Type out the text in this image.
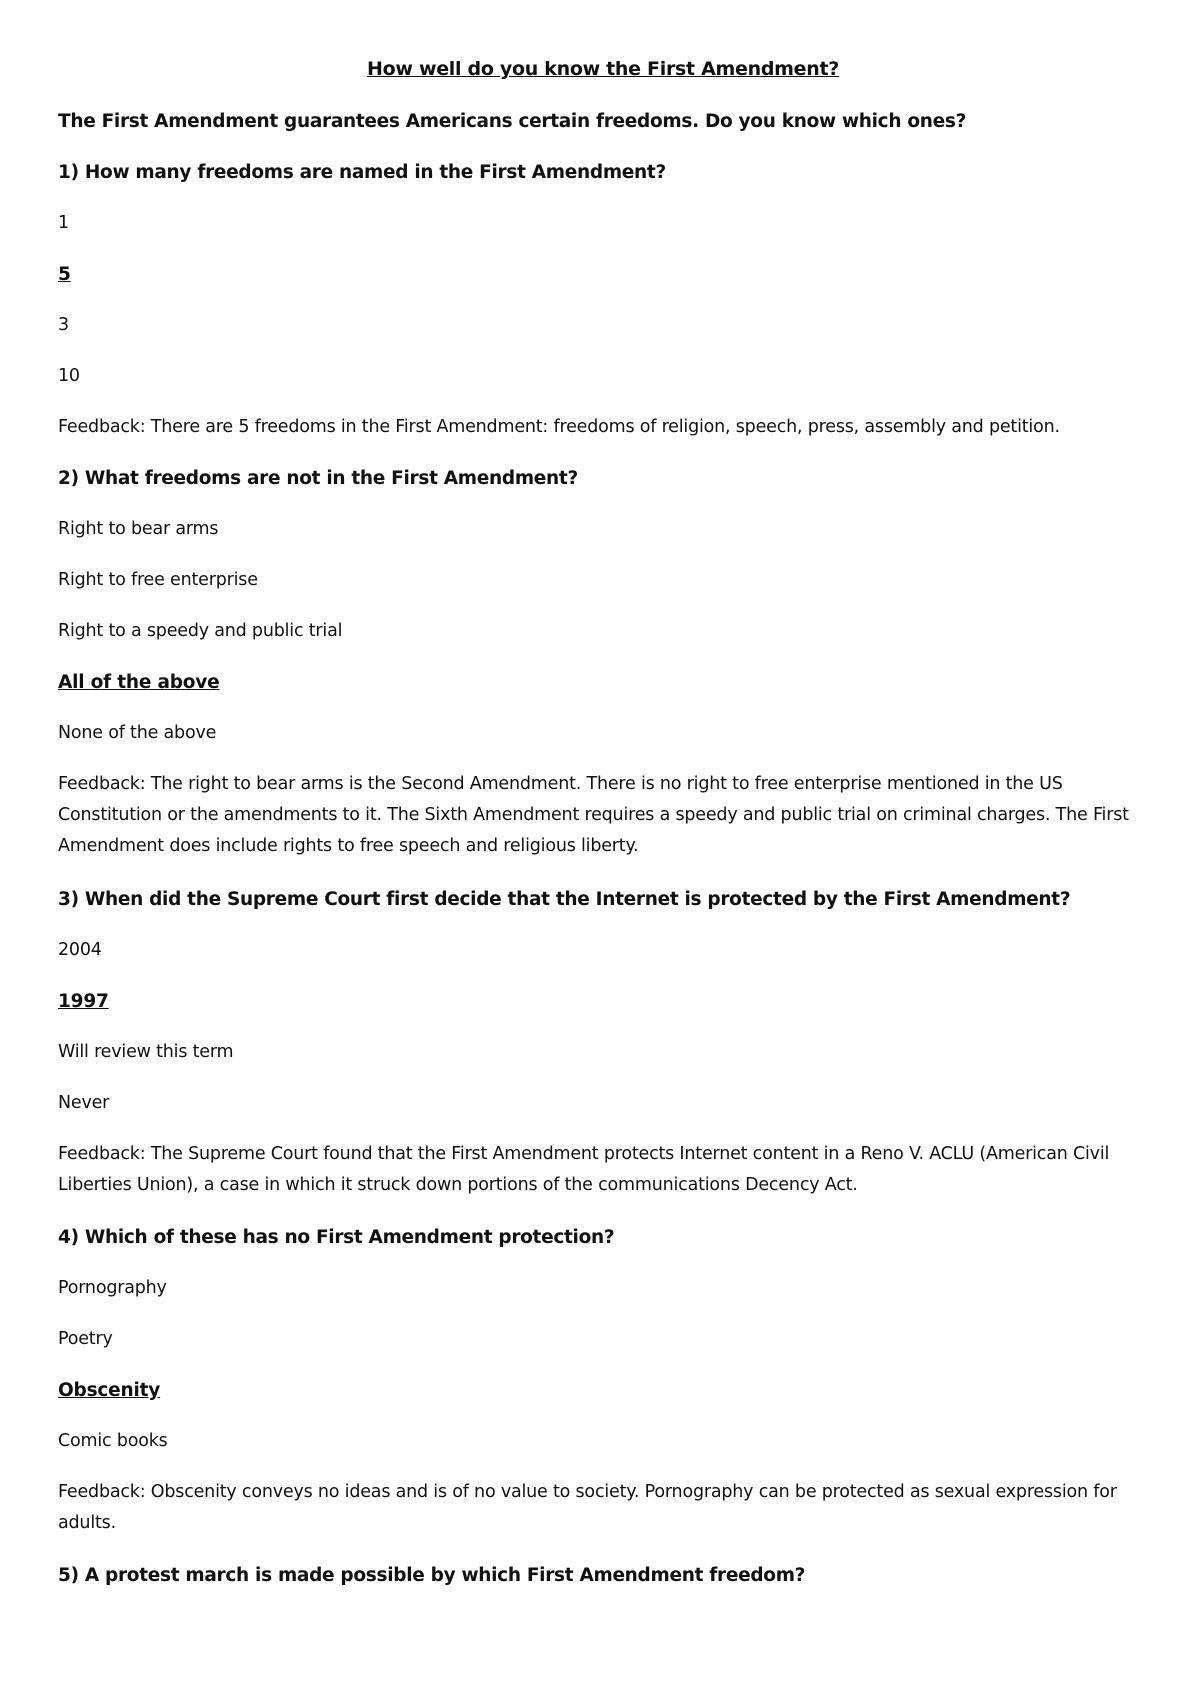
How well do you know the First Amendment?
The First Amendment guarantees Americans certain freedoms. Do you know which ones?
1) How many freedoms are named in the First Amendment?
1
5
3
10
Feedback: There are 5 freedoms in the First Amendment: freedoms of religion, speech, press, assembly and petition.
2) What freedoms are not in the First Amendment?
Right to bear arms
Right to free enterprise
Right to a speedy and public trial
All of the above
None of the above
Feedback: The right to bear arms is the Second Amendment. There is no right to free enterprise mentioned in the US Constitution or the amendments to it. The Sixth Amendment requires a speedy and public trial on criminal charges. The First Amendment does include rights to free speech and religious liberty.
3) When did the Supreme Court first decide that the Internet is protected by the First Amendment?
2004
1997
Will review this term
Never
Feedback: The Supreme Court found that the First Amendment protects Internet content in a Reno V. ACLU (American Civil Liberties Union), a case in which it struck down portions of the communications Decency Act.
4) Which of these has no First Amendment protection?
Pornography
Poetry
Obscenity
Comic books
Feedback: Obscenity conveys no ideas and is of no value to society. Pornography can be protected as sexual expression for adults.
5) A protest march is made possible by which First Amendment freedom?
